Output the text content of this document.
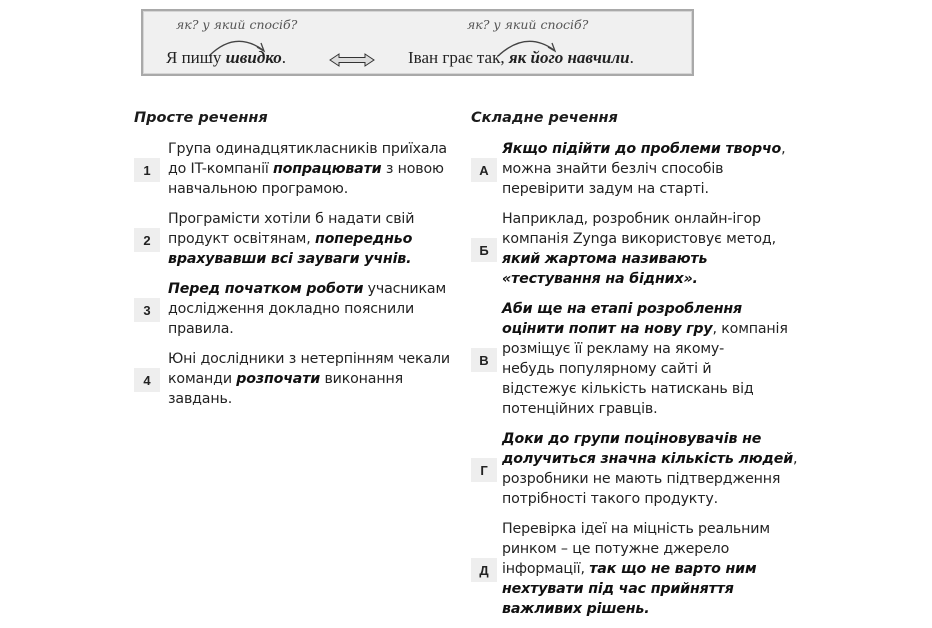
як? у який спосіб?
Я пишу швидко.
як? у який спосіб?
Іван грає так, як його навчили.
Просте речення	Складне речення
1
Група одинадцятикласників приїхала
до IT-компанії попрацювати з новою
навчальною програмою.
2
Програмісти хотіли б надати свій
продукт освітянам, попередньо
врахувавши всі зауваги учнів.
3
Перед початком роботи учасникам
дослідження докладно пояснили
правила.
4
Юні дослідники з нетерпінням чекали
команди розпочати виконання
завдань.
А
Якщо підійти до проблеми творчо,
можна знайти безліч способів
перевірити задум на старті.
Б
Наприклад, розробник онлайн-ігор
компанія Zynga використовує метод,
який жартома називають
«тестування на бідних».
В
Аби ще на етапі розроблення
оцінити попит на нову гру, компанія
розміщує її рекламу на якому-
небудь популярному сайті й
відстежує кількість натискань від
потенційних гравців.
Г
Доки до групи поціновувачів не
долучиться значна кількість людей,
розробники не мають підтвердження
потрібності такого продукту.
Д
Перевірка ідеї на міцність реальним
ринком – це потужне джерело
інформації, так що не варто ним
нехтувати під час прийняття
важливих рішень.
